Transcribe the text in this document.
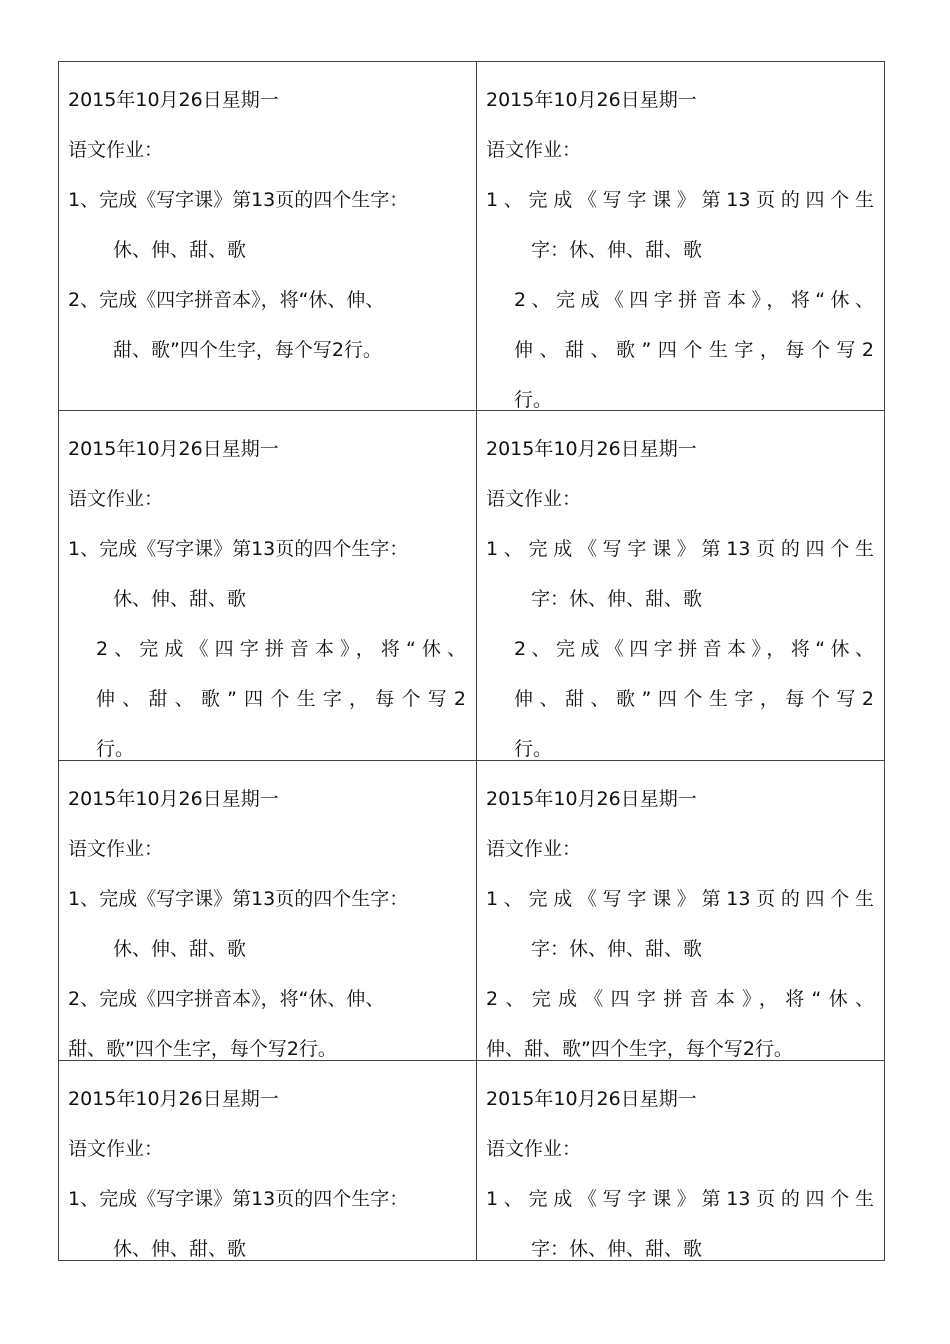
2015年10月26日星期一
语文作业：
1、完成《写字课》第13页的四个生字：
休、伸、甜、歌
2、完成《四字拼音本》，将“休、伸、
甜、歌”四个生字，每个写2行。
2015年10月26日星期一
语文作业：
1、完成《写字课》第13页的四个生
字：休、伸、甜、歌
2、完成《四字拼音本》，将“休、
伸、甜、歌”四个生字，每个写2
行。
2015年10月26日星期一
语文作业：
1、完成《写字课》第13页的四个生字：
休、伸、甜、歌
2、完成《四字拼音本》，将“休、
伸、甜、歌”四个生字，每个写2
行。
2015年10月26日星期一
语文作业：
1、完成《写字课》第13页的四个生
字：休、伸、甜、歌
2、完成《四字拼音本》，将“休、
伸、甜、歌”四个生字，每个写2
行。
2015年10月26日星期一
语文作业：
1、完成《写字课》第13页的四个生字：
休、伸、甜、歌
2、完成《四字拼音本》，将“休、伸、
甜、歌”四个生字，每个写2行。
2015年10月26日星期一
语文作业：
1、完成《写字课》第13页的四个生
字：休、伸、甜、歌
2、完成《四字拼音本》，将“休、
伸、甜、歌”四个生字，每个写2行。
2015年10月26日星期一
语文作业：
1、完成《写字课》第13页的四个生字：
休、伸、甜、歌
2015年10月26日星期一
语文作业：
1、完成《写字课》第13页的四个生
字：休、伸、甜、歌
